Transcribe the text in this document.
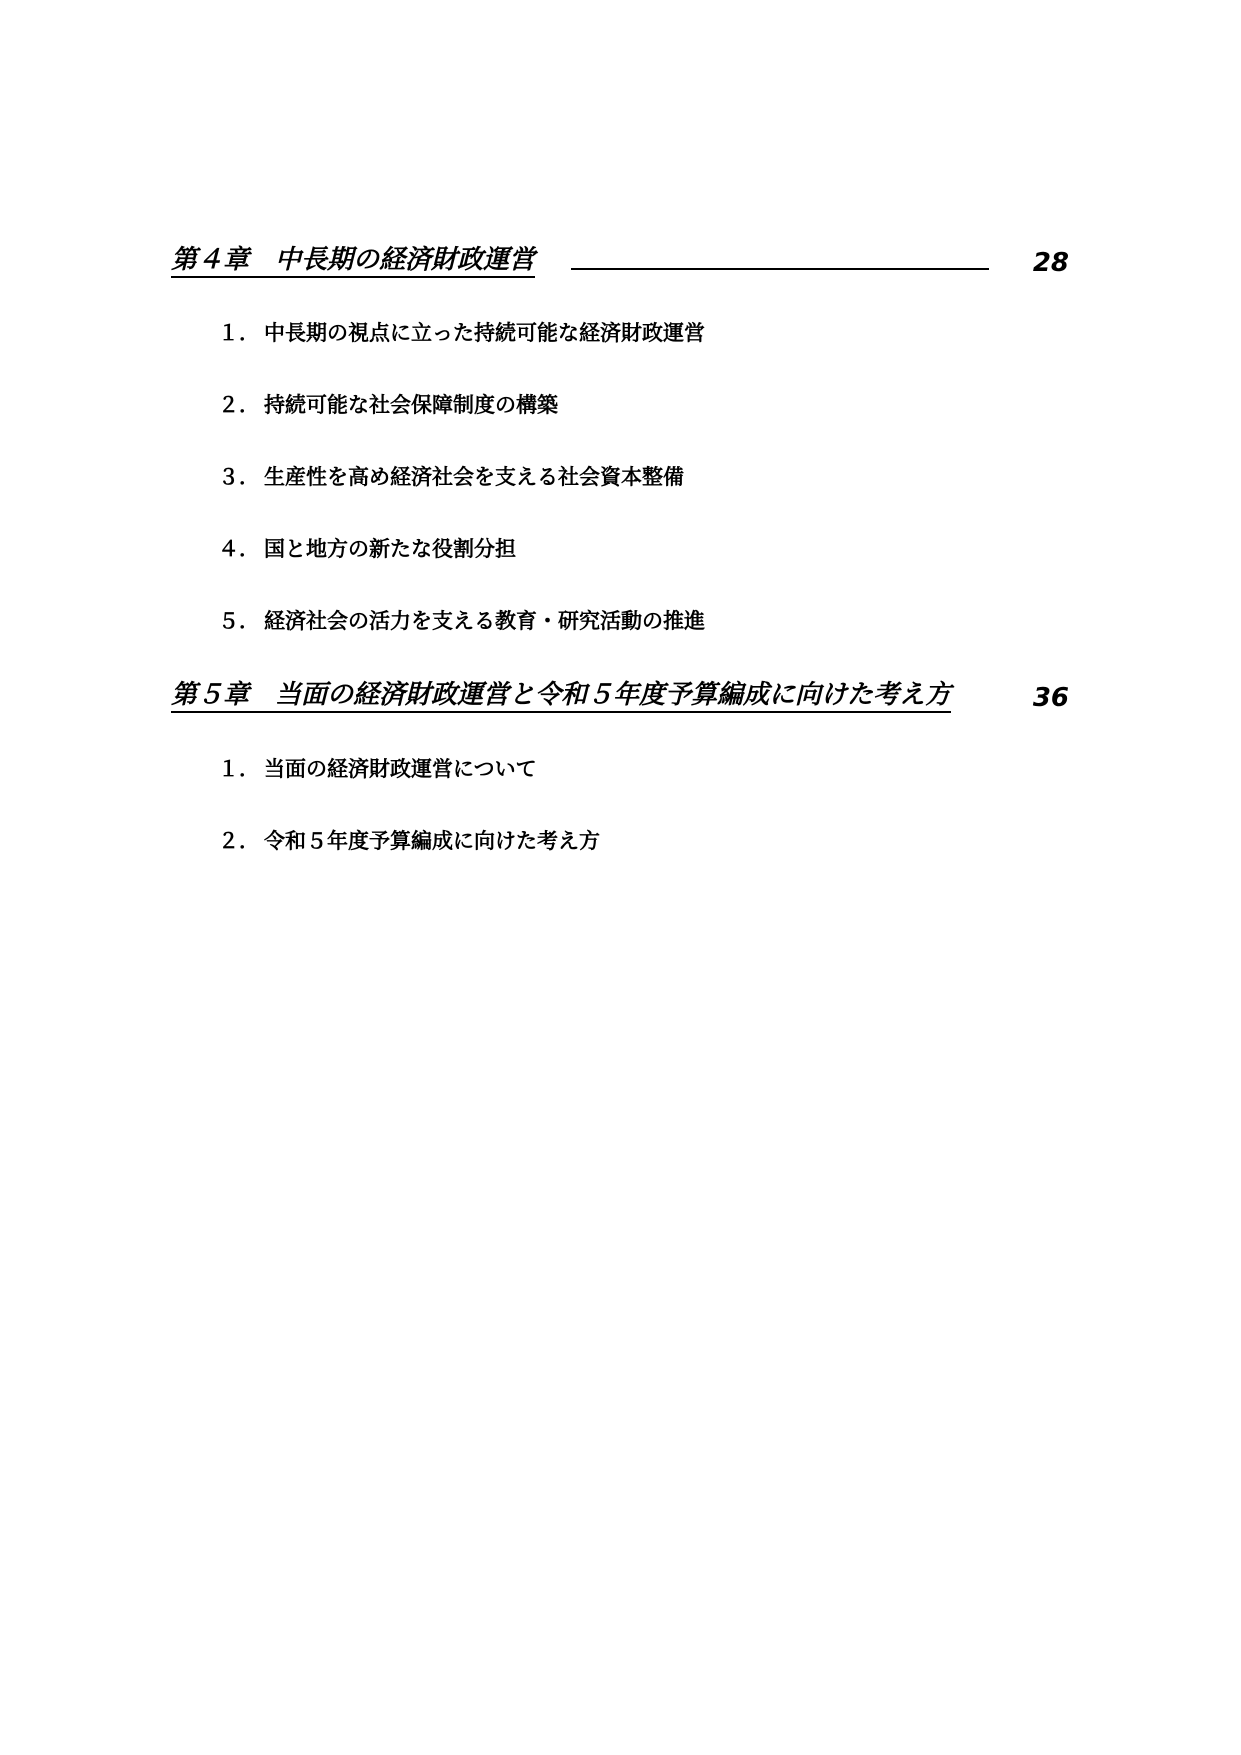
第４章　中長期の経済財政運営	28
１． 中長期の視点に立った持続可能な経済財政運営
２． 持続可能な社会保障制度の構築
３． 生産性を高め経済社会を支える社会資本整備
４． 国と地方の新たな役割分担
５． 経済社会の活力を支える教育・研究活動の推進
第５章　当面の経済財政運営と令和５年度予算編成に向けた考え方	36
１． 当面の経済財政運営について
２． 令和５年度予算編成に向けた考え方
